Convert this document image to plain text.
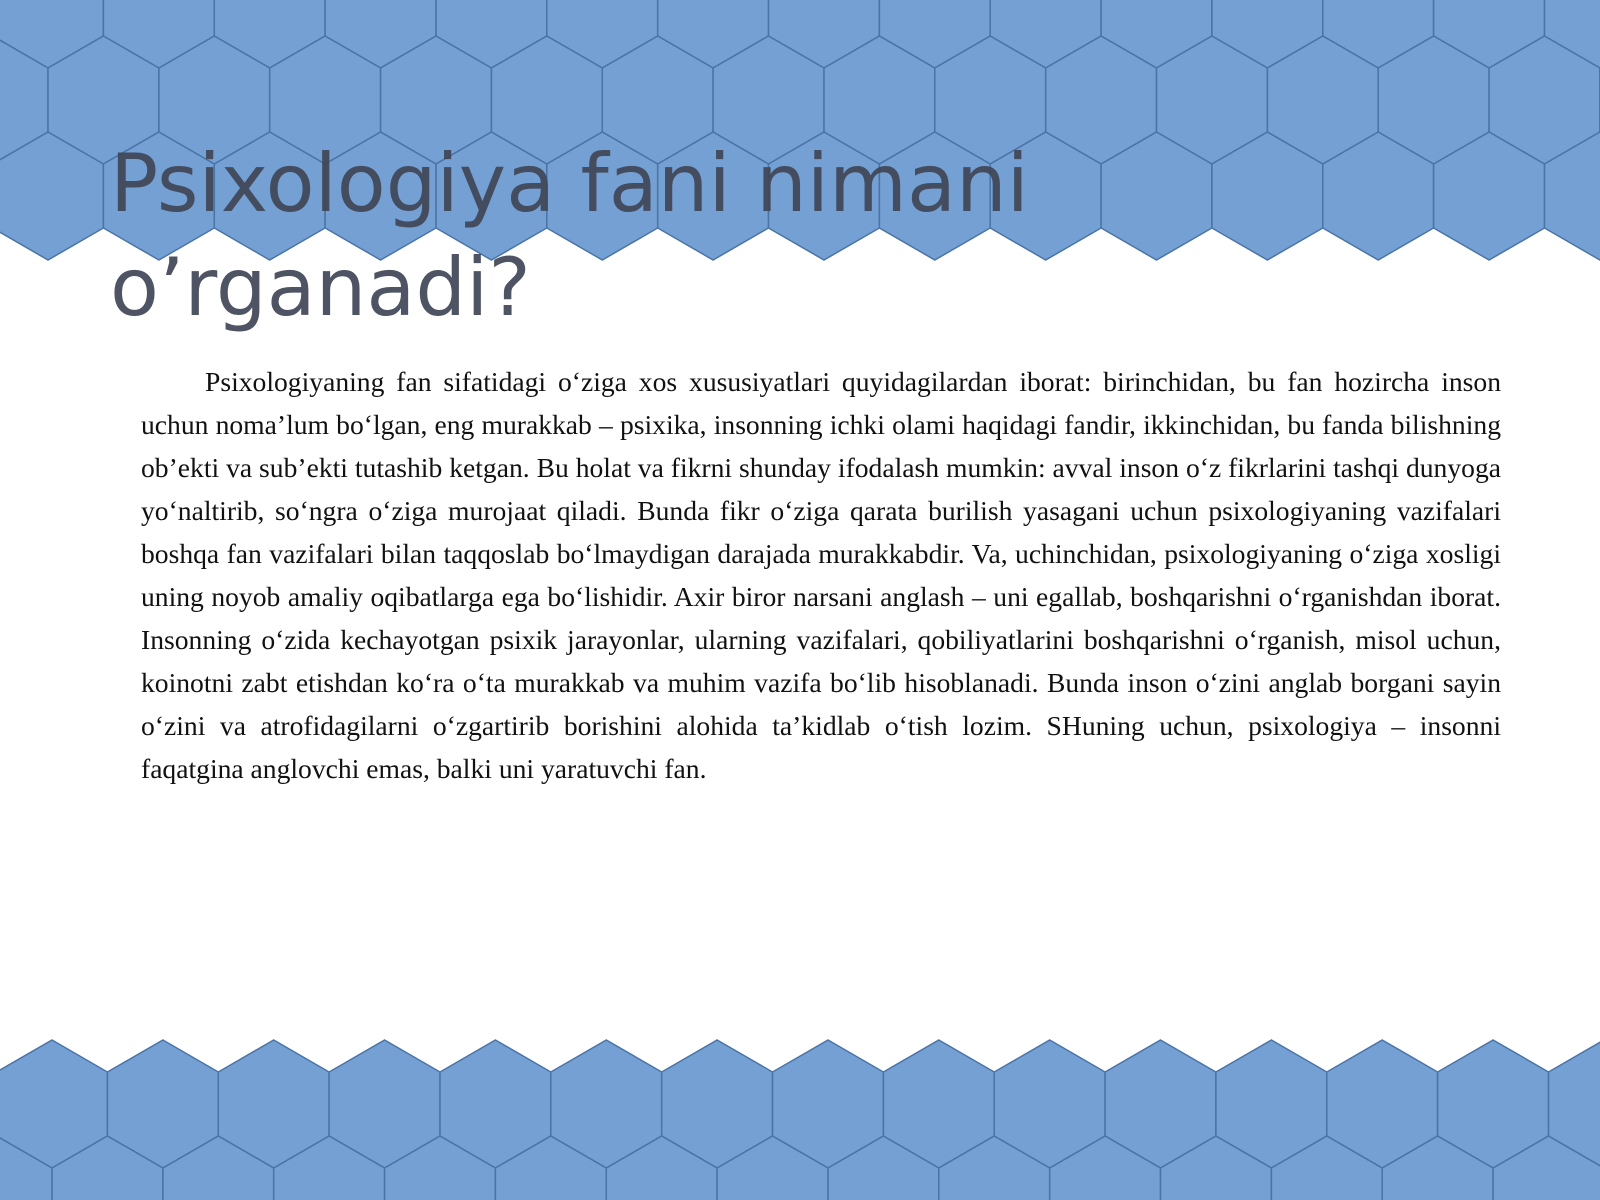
Psixologiya fani nimani o’rganadi?

Psixologiyaning fan sifatidagi o‘ziga xos xususiyatlari quyidagilardan iborat: birinchidan, bu fan hozircha inson uchun noma’lum bo‘lgan, eng murakkab – psixika, insonning ichki olami haqidagi fandir, ikkinchidan, bu fanda bilishning ob’ekti va sub’ekti tutashib ketgan. Bu holat va fikrni shunday ifodalash mumkin: avval inson o‘z fikrlarini tashqi dunyoga yo‘naltirib, so‘ngra o‘ziga murojaat qiladi. Bunda fikr o‘ziga qarata burilish yasagani uchun psixologiyaning vazifalari boshqa fan vazifalari bilan taqqoslab bo‘lmaydigan darajada murakkabdir. Va, uchinchidan, psixologiyaning o‘ziga xosligi uning noyob amaliy oqibatlarga ega bo‘lishidir. Axir biror narsani anglash – uni egallab, boshqarishni o‘rganishdan iborat. Insonning o‘zida kechayotgan psixik jarayonlar, ularning vazifalari, qobiliyatlarini boshqarishni o‘rganish, misol uchun, koinotni zabt etishdan ko‘ra o‘ta murakkab va muhim vazifa bo‘lib hisoblanadi. Bunda inson o‘zini anglab borgani sayin o‘zini va atrofidagilarni o‘zgartirib borishini alohida ta’kidlab o‘tish lozim. SHuning uchun, psixologiya – insonni faqatgina anglovchi emas, balki uni yaratuvchi fan.
